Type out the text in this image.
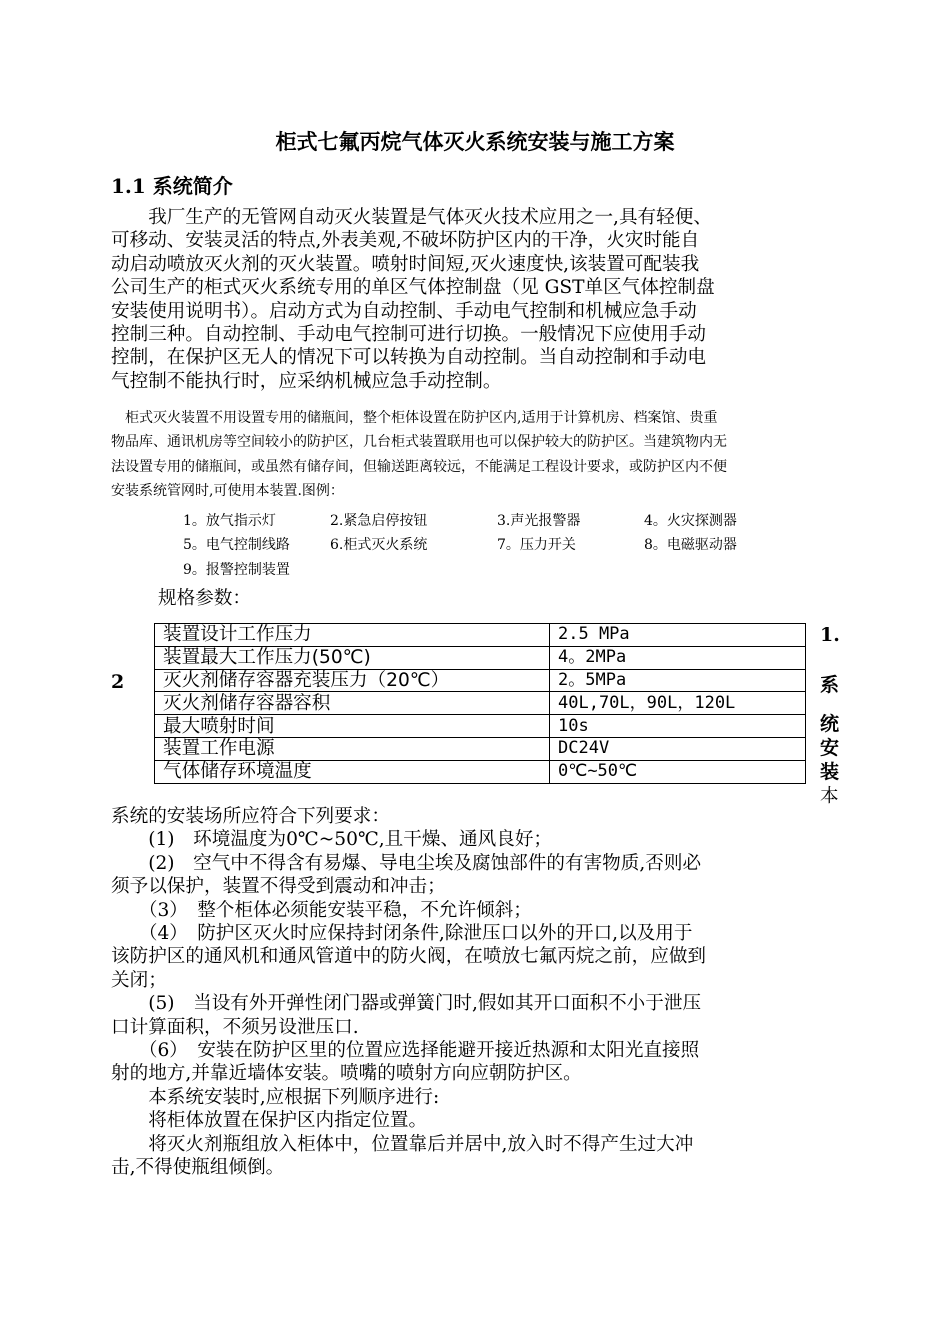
柜式七氟丙烷气体灭火系统安装与施工方案
1.1 系统简介
　　我厂生产的无管网自动灭火装置是气体灭火技术应用之一,具有轻便、
可移动、安装灵活的特点,外表美观,不破坏防护区内的干净，火灾时能自
动启动喷放灭火剂的灭火装置。喷射时间短,灭火速度快,该装置可配装我
公司生产的柜式灭火系统专用的单区气体控制盘（见 GST单区气体控制盘
安装使用说明书）。启动方式为自动控制、手动电气控制和机械应急手动
控制三种。自动控制、手动电气控制可进行切换。一般情况下应使用手动
控制，在保护区无人的情况下可以转换为自动控制。当自动控制和手动电
气控制不能执行时，应采纳机械应急手动控制。
　柜式灭火装置不用设置专用的储瓶间，整个柜体设置在防护区内,适用于计算机房、档案馆、贵重
物品库、通讯机房等空间较小的防护区，几台柜式装置联用也可以保护较大的防护区。当建筑物内无
法设置专用的储瓶间，或虽然有储存间，但输送距离较远，不能满足工程设计要求，或防护区内不便
安装系统管网时,可使用本装置.图例：
1。放气指示灯	2.紧急启停按钮	3.声光报警器	4。火灾探测器
5。电气控制线路	6.柜式灭火系统	7。压力开关	8。电磁驱动器
9。报警控制装置
规格参数：
2
装置设计工作压力	2.5 MPa
装置最大工作压力(50℃)	4。2MPa
灭火剂储存容器充装压力（20℃）	2。5MPa
灭火剂储存容器容积	40L,70L，90L，120L
最大喷射时间	10s
装置工作电源	DC24V
气体储存环境温度	0℃~50℃
1.
系
统
安
装
本
系统的安装场所应符合下列要求：
　　(1)　环境温度为0℃~50℃,且干燥、通风良好；
　　(2)　空气中不得含有易爆、导电尘埃及腐蚀部件的有害物质,否则必
须予以保护，装置不得受到震动和冲击；
　　（3）　整个柜体必须能安装平稳，不允许倾斜；
　　（4）　防护区灭火时应保持封闭条件,除泄压口以外的开口,以及用于
该防护区的通风机和通风管道中的防火阀，在喷放七氟丙烷之前，应做到
关闭；
　　(5)　当设有外开弹性闭门器或弹簧门时,假如其开口面积不小于泄压
口计算面积，不须另设泄压口.
　　（6）　安装在防护区里的位置应选择能避开接近热源和太阳光直接照
射的地方,并靠近墙体安装。喷嘴的喷射方向应朝防护区。
　　本系统安装时,应根据下列顺序进行:
　　将柜体放置在保护区内指定位置。
　　将灭火剂瓶组放入柜体中，位置靠后并居中,放入时不得产生过大冲
击,不得使瓶组倾倒。
